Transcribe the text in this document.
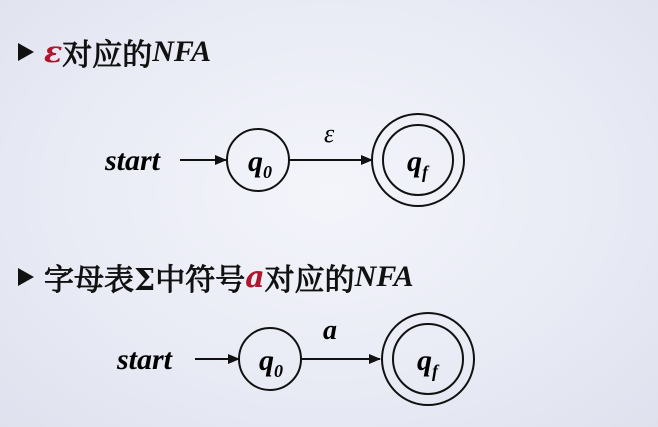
ε 对应的 NFA
字母表Σ中符号 a 对应的 NFA
start	$q_0$
ε
$q_f$
start	$q_0$
a
$q_f$
